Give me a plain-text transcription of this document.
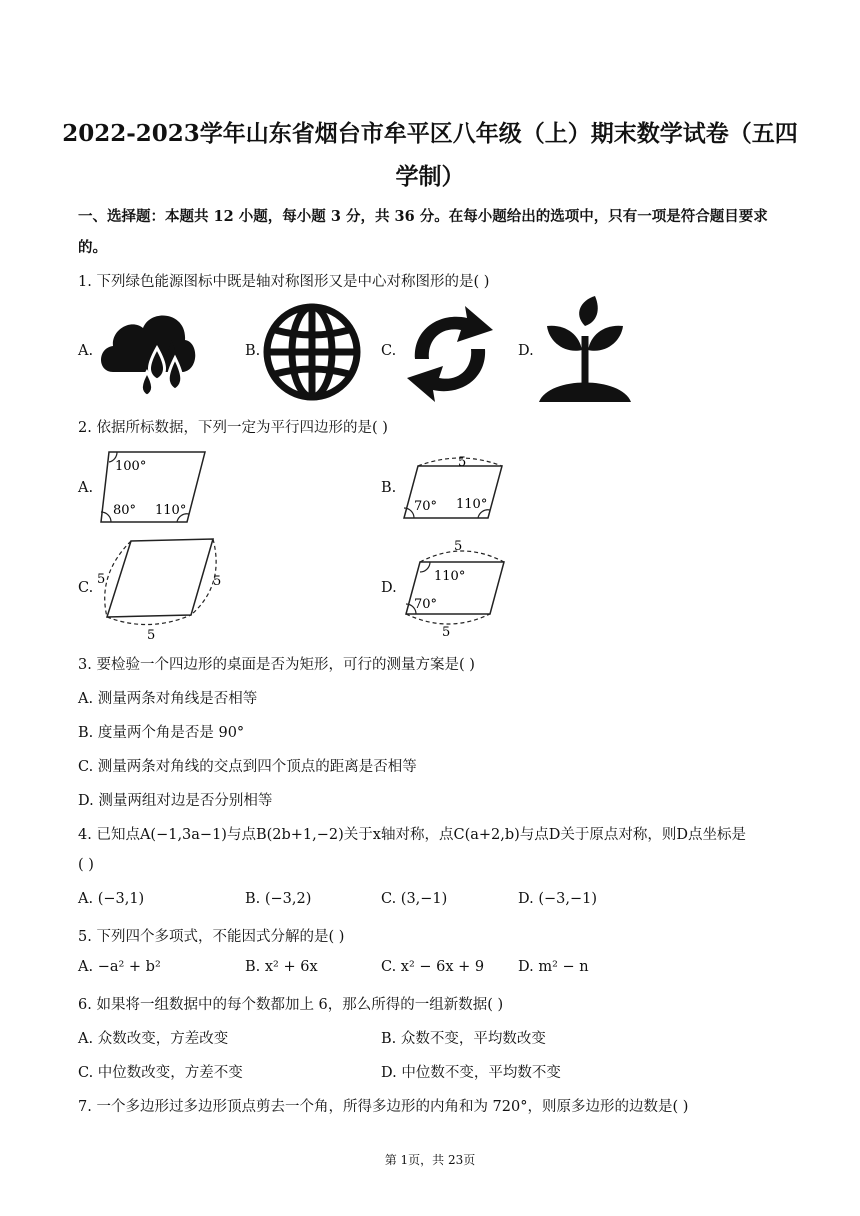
2022-2023学年山东省烟台市牟平区八年级（上）期末数学试卷（五四
学制）
一、选择题：本题共 12 小题，每小题 3 分，共 36 分。在每小题给出的选项中，只有一项是符合题目要求
的。
1. 下列绿色能源图标中既是轴对称图形又是中心对称图形的是( )
A.	B.	C.	D.
2. 依据所标数据，下列一定为平行四边形的是( )
A.
100°
80° 110°
B.
5
70° 110°
C.
5	5
5
D.
5
110°
70°
5
3. 要检验一个四边形的桌面是否为矩形，可行的测量方案是( )
A. 测量两条对角线是否相等
B. 度量两个角是否是 90°
C. 测量两条对角线的交点到四个顶点的距离是否相等
D. 测量两组对边是否分别相等
4. 已知点A(−1,3a−1)与点B(2b+1,−2)关于x轴对称，点C(a+2,b)与点D关于原点对称，则D点坐标是
( )
A. (−3,1)	B. (−3,2)	C. (3,−1)	D. (−3,−1)
5. 下列四个多项式，不能因式分解的是( )
A. −a² + b²	B. x² + 6x	C. x² − 6x + 9 D. m² − n
6. 如果将一组数据中的每个数都加上 6，那么所得的一组新数据( )
A. 众数改变，方差改变	B. 众数不变，平均数改变
C. 中位数改变，方差不变	D. 中位数不变，平均数不变
7. 一个多边形过多边形顶点剪去一个角，所得多边形的内角和为 720°，则原多边形的边数是( )
第 1页，共 23页
